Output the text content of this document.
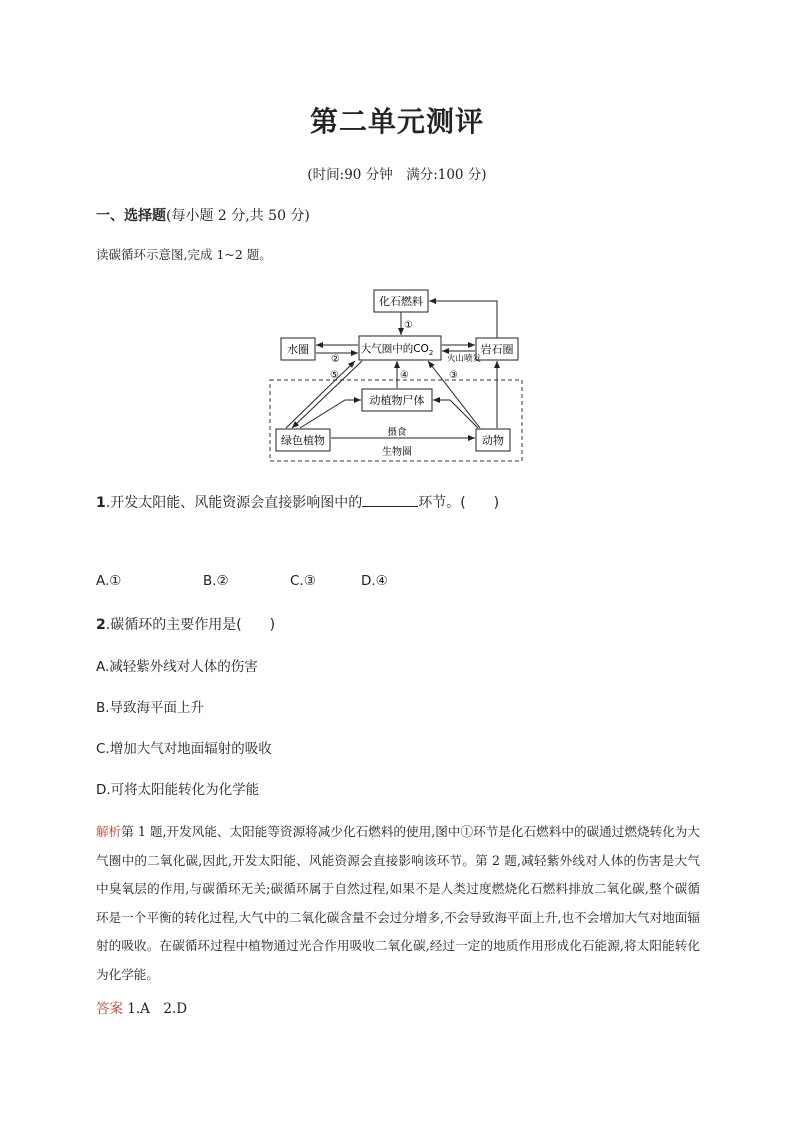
第二单元测评
(时间:90 分钟　满分:100 分)
一、选择题(每小题 2 分,共 50 分)
读碳循环示意图,完成 1~2 题。
化石燃料
水圈	大气圈中的$CO_2$	岩石圈
动植物尸体
绿色植物	动物
①
火山喷发
②
⑤	④	③
摄食
生物圈
1.开发太阳能、风能资源会直接影响图中的	环节。(　　)
A.①	B.②	C.③	D.④
2.碳循环的主要作用是(　　)
A.减轻紫外线对人体的伤害
B.导致海平面上升
C.增加大气对地面辐射的吸收
D.可将太阳能转化为化学能
解析第 1 题,开发风能、太阳能等资源将减少化石燃料的使用,图中①环节是化石燃料中的碳通过燃烧转化为大气圈中的二氧化碳,因此,开发太阳能、风能资源会直接影响该环节。第 2 题,减轻紫外线对人体的伤害是大气中臭氧层的作用,与碳循环无关;碳循环属于自然过程,如果不是人类过度燃烧化石燃料排放二氧化碳,整个碳循环是一个平衡的转化过程,大气中的二氧化碳含量不会过分增多,不会导致海平面上升,也不会增加大气对地面辐射的吸收。在碳循环过程中植物通过光合作用吸收二氧化碳,经过一定的地质作用形成化石能源,将太阳能转化为化学能。
答案 1.A　2.D
